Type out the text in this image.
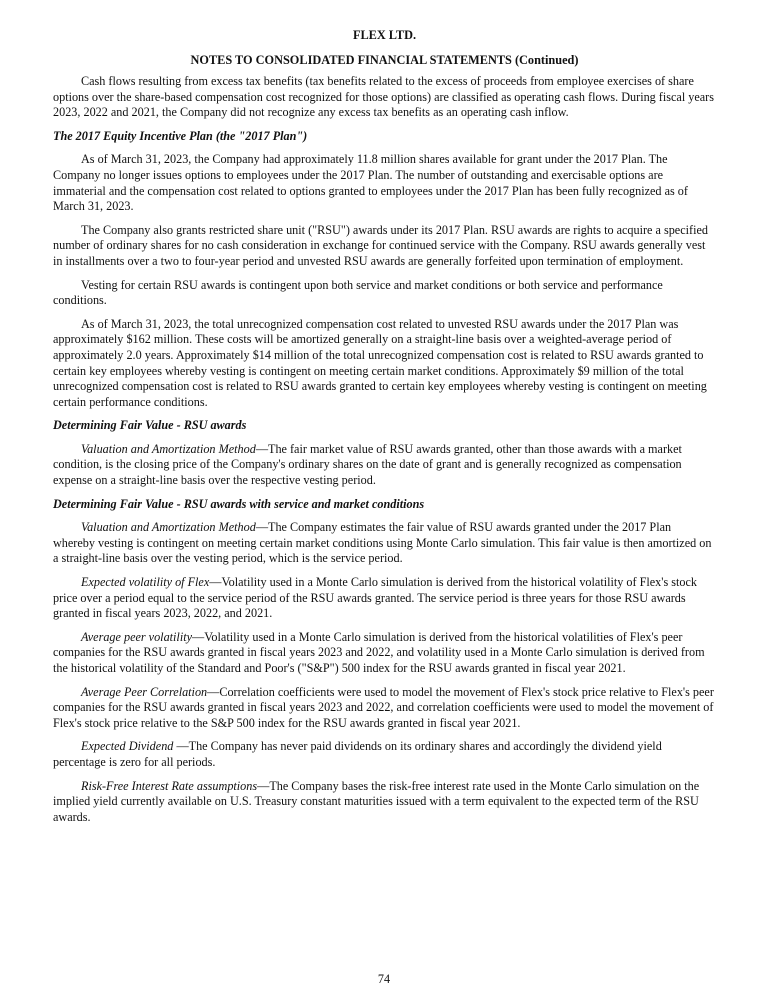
FLEX LTD.
NOTES TO CONSOLIDATED FINANCIAL STATEMENTS (Continued)

Cash flows resulting from excess tax benefits (tax benefits related to the excess of proceeds from employee exercises of share options over the share-based compensation cost recognized for those options) are classified as operating cash flows. During fiscal years 2023, 2022 and 2021, the Company did not recognize any excess tax benefits as an operating cash inflow.

The 2017 Equity Incentive Plan (the "2017 Plan")

As of March 31, 2023, the Company had approximately 11.8 million shares available for grant under the 2017 Plan. The Company no longer issues options to employees under the 2017 Plan. The number of outstanding and exercisable options are immaterial and the compensation cost related to options granted to employees under the 2017 Plan has been fully recognized as of March 31, 2023.

The Company also grants restricted share unit ("RSU") awards under its 2017 Plan. RSU awards are rights to acquire a specified number of ordinary shares for no cash consideration in exchange for continued service with the Company. RSU awards generally vest in installments over a two to four-year period and unvested RSU awards are generally forfeited upon termination of employment.

Vesting for certain RSU awards is contingent upon both service and market conditions or both service and performance conditions.

As of March 31, 2023, the total unrecognized compensation cost related to unvested RSU awards under the 2017 Plan was approximately $162 million. These costs will be amortized generally on a straight-line basis over a weighted-average period of approximately 2.0 years. Approximately $14 million of the total unrecognized compensation cost is related to RSU awards granted to certain key employees whereby vesting is contingent on meeting certain market conditions. Approximately $9 million of the total unrecognized compensation cost is related to RSU awards granted to certain key employees whereby vesting is contingent on meeting certain performance conditions.

Determining Fair Value - RSU awards

Valuation and Amortization Method—The fair market value of RSU awards granted, other than those awards with a market condition, is the closing price of the Company's ordinary shares on the date of grant and is generally recognized as compensation expense on a straight-line basis over the respective vesting period.

Determining Fair Value - RSU awards with service and market conditions

Valuation and Amortization Method—The Company estimates the fair value of RSU awards granted under the 2017 Plan whereby vesting is contingent on meeting certain market conditions using Monte Carlo simulation. This fair value is then amortized on a straight-line basis over the vesting period, which is the service period.

Expected volatility of Flex—Volatility used in a Monte Carlo simulation is derived from the historical volatility of Flex's stock price over a period equal to the service period of the RSU awards granted. The service period is three years for those RSU awards granted in fiscal years 2023, 2022, and 2021.

Average peer volatility—Volatility used in a Monte Carlo simulation is derived from the historical volatilities of Flex's peer companies for the RSU awards granted in fiscal years 2023 and 2022, and volatility used in a Monte Carlo simulation is derived from the historical volatility of the Standard and Poor's ("S&P") 500 index for the RSU awards granted in fiscal year 2021.

Average Peer Correlation—Correlation coefficients were used to model the movement of Flex's stock price relative to Flex's peer companies for the RSU awards granted in fiscal years 2023 and 2022, and correlation coefficients were used to model the movement of Flex's stock price relative to the S&P 500 index for the RSU awards granted in fiscal year 2021.

Expected Dividend —The Company has never paid dividends on its ordinary shares and accordingly the dividend yield percentage is zero for all periods.

Risk-Free Interest Rate assumptions—The Company bases the risk-free interest rate used in the Monte Carlo simulation on the implied yield currently available on U.S. Treasury constant maturities issued with a term equivalent to the expected term of the RSU awards.

74
